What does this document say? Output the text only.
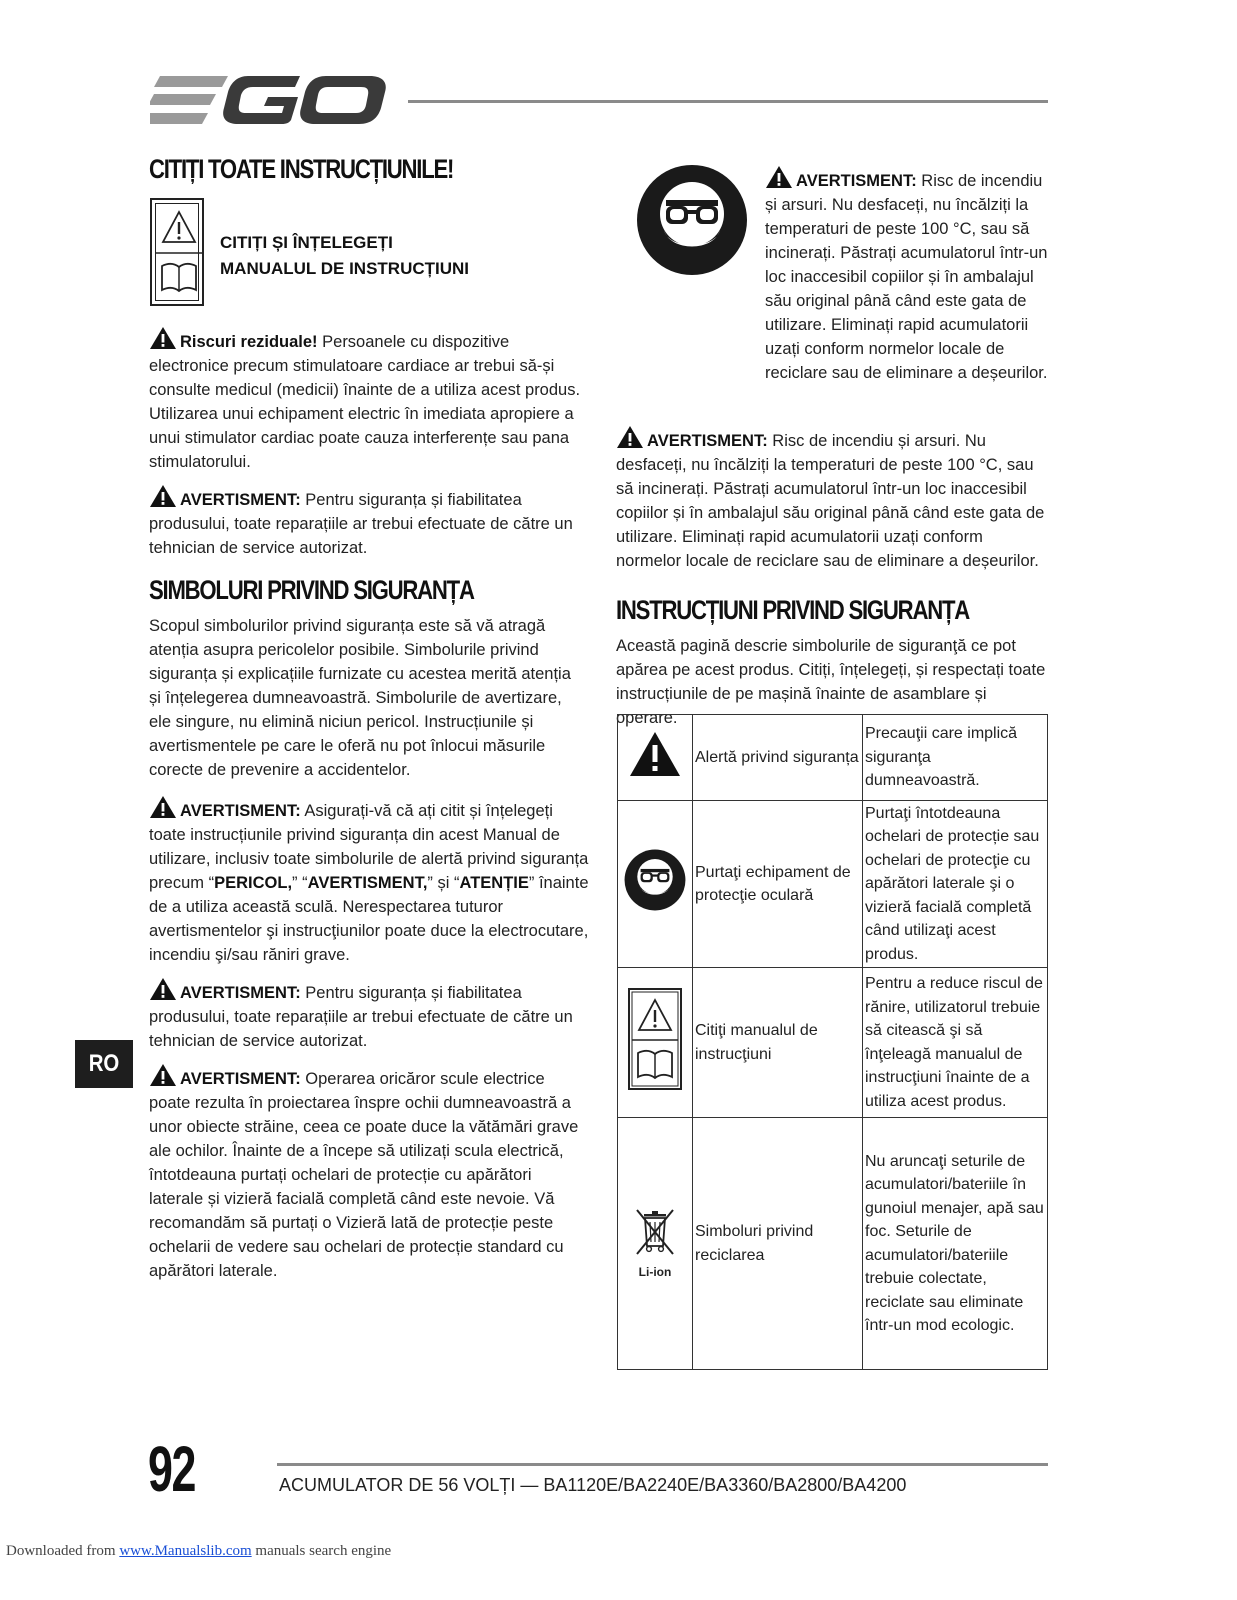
CITIȚI TOATE INSTRUCȚIUNILE!
CITIȚI ȘI ÎNȚELEGEȚI
MANUALUL DE INSTRUCȚIUNI
Riscuri reziduale! Persoanele cu dispozitive electronice precum stimulatoare cardiace ar trebui să-și consulte medicul (medicii) înainte de a utiliza acest produs. Utilizarea unui echipament electric în imediata apropiere a unui stimulator cardiac poate cauza interferențe sau pana stimulatorului.
AVERTISMENT: Pentru siguranța și fiabilitatea produsului, toate reparațiile ar trebui efectuate de către un tehnician de service autorizat.
SIMBOLURI PRIVIND SIGURANȚA
Scopul simbolurilor privind siguranța este să vă atragă atenția asupra pericolelor posibile. Simbolurile privind siguranța și explicațiile furnizate cu acestea merită atenția și înțelegerea dumneavoastră. Simbolurile de avertizare, ele singure, nu elimină niciun pericol. Instrucțiunile și avertismentele pe care le oferă nu pot înlocui măsurile corecte de prevenire a accidentelor.
AVERTISMENT: Asigurați-vă că ați citit și înțelegeți toate instrucțiunile privind siguranța din acest Manual de utilizare, inclusiv toate simbolurile de alertă privind siguranța precum “PERICOL,” “AVERTISMENT,” și “ATENȚIE” înainte de a utiliza această sculă. Nerespectarea tuturor avertismentelor şi instrucţiunilor poate duce la electrocutare, incendiu şi/sau răniri grave.
AVERTISMENT: Pentru siguranța și fiabilitatea produsului, toate reparațiile ar trebui efectuate de către un tehnician de service autorizat.
AVERTISMENT: Operarea oricăror scule electrice poate rezulta în proiectarea înspre ochii dumneavoastră a unor obiecte străine, ceea ce poate duce la vătămări grave ale ochilor. Înainte de a începe să utilizați scula electrică, întotdeauna purtați ochelari de protecție cu apărători laterale și vizieră facială completă când este nevoie. Vă recomandăm să purtați o Vizieră lată de protecție peste ochelarii de vedere sau ochelari de protecție standard cu apărători laterale.
RO
AVERTISMENT: Risc de incendiu și arsuri. Nu desfaceți, nu încălziți la temperaturi de peste 100 °C, sau să incinerați. Păstrați acumulatorul într-un loc inaccesibil copiilor și în ambalajul său original până când este gata de utilizare. Eliminați rapid acumulatorii uzați conform normelor locale de reciclare sau de eliminare a deșeurilor.
AVERTISMENT: Risc de incendiu și arsuri. Nu desfaceți, nu încălziți la temperaturi de peste 100 °C, sau să incinerați. Păstrați acumulatorul într-un loc inaccesibil copiilor și în ambalajul său original până când este gata de utilizare. Eliminați rapid acumulatorii uzați conform normelor locale de reciclare sau de eliminare a deșeurilor.
INSTRUCȚIUNI PRIVIND SIGURANȚA
Această pagină descrie simbolurile de siguranţă ce pot apărea pe acest produs. Citiți, înțelegeți, și respectați toate instrucțiunile de pe mașină înainte de asamblare și operare.
	Alertă privind siguranța	Precauţii care implică siguranţa dumneavoastră.
	Purtaţi echipament de protecţie oculară	Purtaţi întotdeauna ochelari de protecție sau ochelari de protecţie cu apărători laterale şi o vizieră facială completă când utilizaţi acest produs.
	Citiţi manualul de instrucţiuni	Pentru a reduce riscul de rănire, utilizatorul trebuie să citească şi să înţeleagă manualul de instrucţiuni înainte de a utiliza acest produs.

Li-ion	Simboluri privind reciclarea	Nu aruncaţi seturile de acumulatori/bateriile în gunoiul menajer, apă sau foc. Seturile de acumulatori/bateriile trebuie colectate, reciclate sau eliminate într-un mod ecologic.
92	ACUMULATOR DE 56 VOLȚI — BA1120E/BA2240E/BA3360/BA2800/BA4200
Downloaded from www.Manualslib.com manuals search engine
